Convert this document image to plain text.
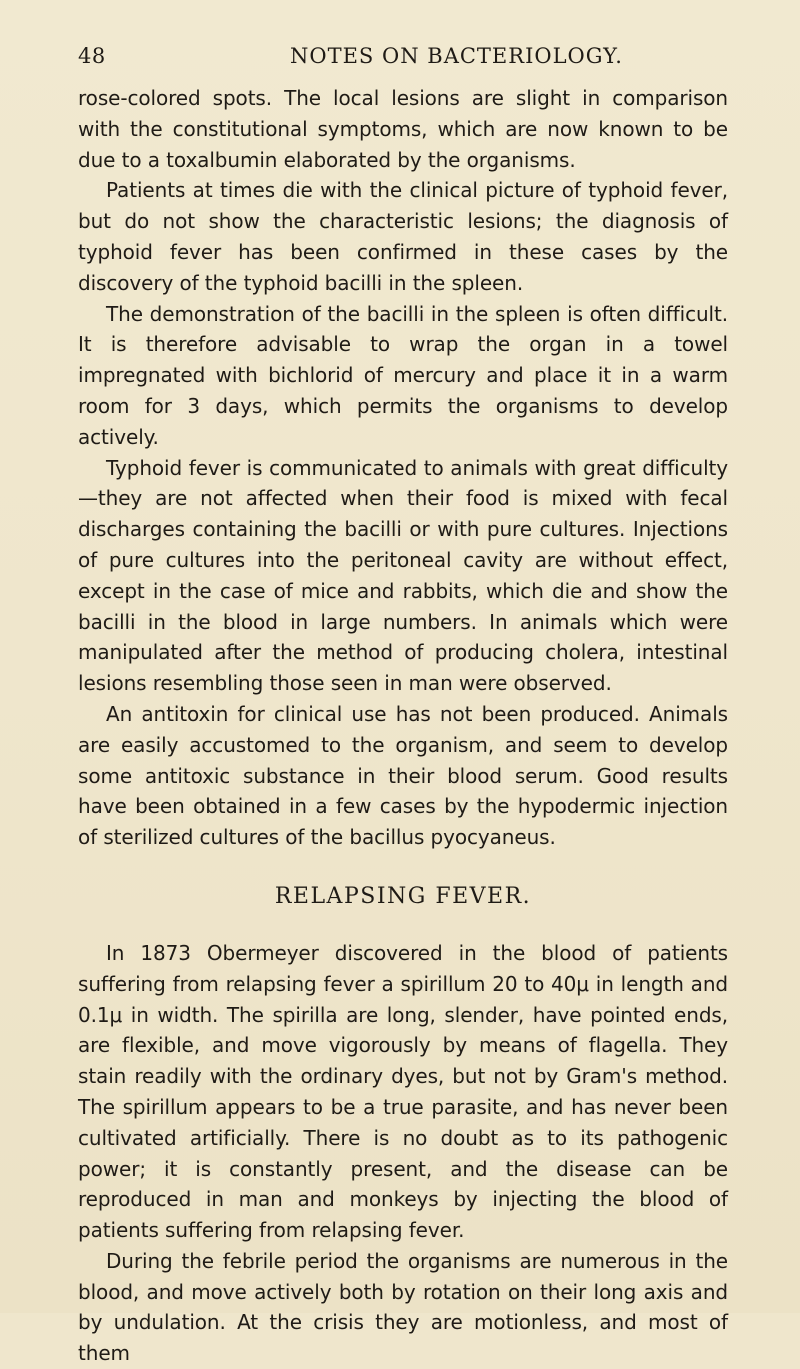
48	NOTES ON BACTERIOLOGY.

rose-colored spots. The local lesions are slight in comparison with the constitutional symptoms, which are now known to be due to a toxalbumin elaborated by the organisms.

Patients at times die with the clinical picture of typhoid fever, but do not show the characteristic lesions; the diagnosis of typhoid fever has been confirmed in these cases by the discovery of the typhoid bacilli in the spleen.

The demonstration of the bacilli in the spleen is often difficult. It is therefore advisable to wrap the organ in a towel impregnated with bichlorid of mercury and place it in a warm room for 3 days, which permits the organisms to develop actively.

Typhoid fever is communicated to animals with great difficulty —they are not affected when their food is mixed with fecal discharges containing the bacilli or with pure cultures. Injections of pure cultures into the peritoneal cavity are without effect, except in the case of mice and rabbits, which die and show the bacilli in the blood in large numbers. In animals which were manipulated after the method of producing cholera, intestinal lesions resembling those seen in man were observed.

An antitoxin for clinical use has not been produced. Animals are easily accustomed to the organism, and seem to develop some antitoxic substance in their blood serum. Good results have been obtained in a few cases by the hypodermic injection of sterilized cultures of the bacillus pyocyaneus.

RELAPSING FEVER.

In 1873 Obermeyer discovered in the blood of patients suffering from relapsing fever a spirillum 20 to 40μ in length and 0.1μ in width. The spirilla are long, slender, have pointed ends, are flexible, and move vigorously by means of flagella. They stain readily with the ordinary dyes, but not by Gram's method. The spirillum appears to be a true parasite, and has never been cultivated artificially. There is no doubt as to its pathogenic power; it is constantly present, and the disease can be reproduced in man and monkeys by injecting the blood of patients suffering from relapsing fever.

During the febrile period the organisms are numerous in the blood, and move actively both by rotation on their long axis and by undulation. At the crisis they are motionless, and most of them
